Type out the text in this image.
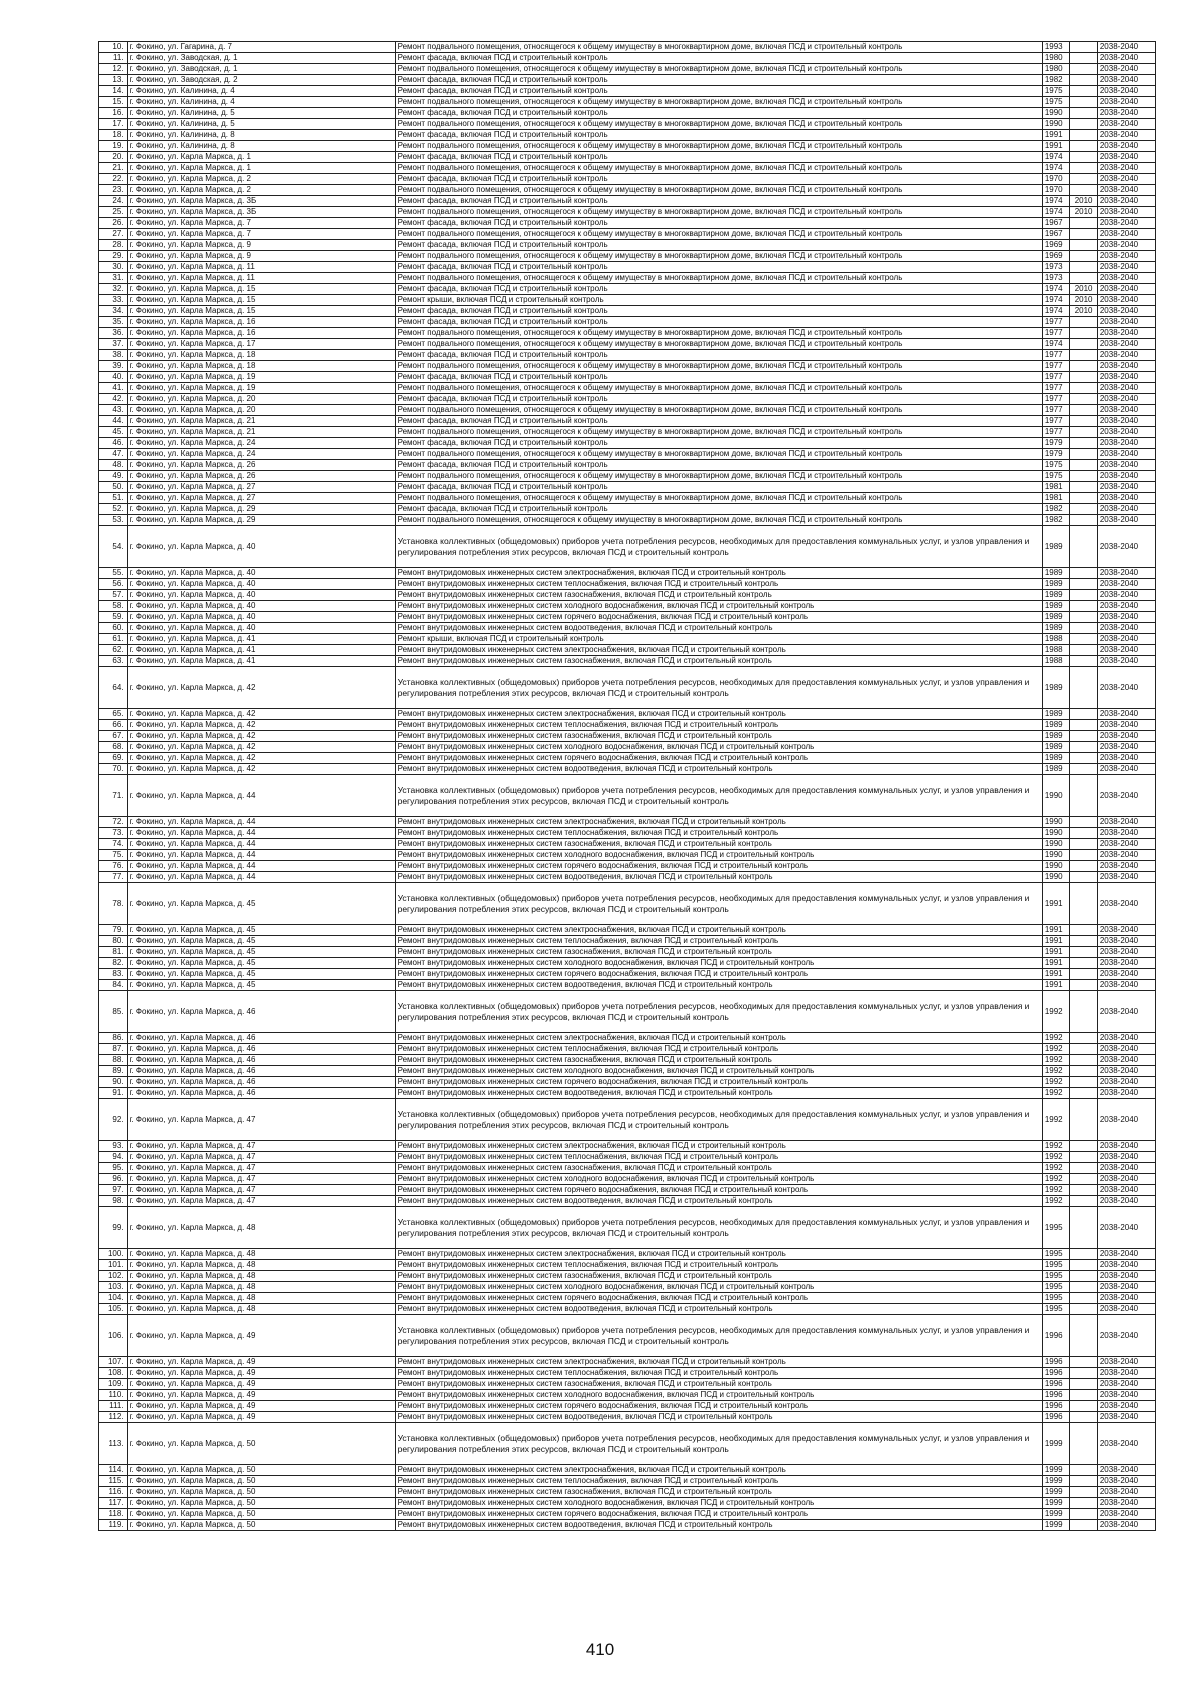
10.	г. Фокино, ул. Гагарина, д. 7	Ремонт подвального помещения, относящегося к общему имуществу в многоквартирном доме, включая ПСД и строительный контроль	1993		2038-2040
11.	г. Фокино, ул. Заводская, д. 1	Ремонт фасада, включая ПСД и строительный контроль	1980		2038-2040
12.	г. Фокино, ул. Заводская, д. 1	Ремонт подвального помещения, относящегося к общему имуществу в многоквартирном доме, включая ПСД и строительный контроль	1980		2038-2040
13.	г. Фокино, ул. Заводская, д. 2	Ремонт фасада, включая ПСД и строительный контроль	1982		2038-2040
14.	г. Фокино, ул. Калинина, д. 4	Ремонт фасада, включая ПСД и строительный контроль	1975		2038-2040
15.	г. Фокино, ул. Калинина, д. 4	Ремонт подвального помещения, относящегося к общему имуществу в многоквартирном доме, включая ПСД и строительный контроль	1975		2038-2040
16.	г. Фокино, ул. Калинина, д. 5	Ремонт фасада, включая ПСД и строительный контроль	1990		2038-2040
17.	г. Фокино, ул. Калинина, д. 5	Ремонт подвального помещения, относящегося к общему имуществу в многоквартирном доме, включая ПСД и строительный контроль	1990		2038-2040
18.	г. Фокино, ул. Калинина, д. 8	Ремонт фасада, включая ПСД и строительный контроль	1991		2038-2040
19.	г. Фокино, ул. Калинина, д. 8	Ремонт подвального помещения, относящегося к общему имуществу в многоквартирном доме, включая ПСД и строительный контроль	1991		2038-2040
20.	г. Фокино, ул. Карла Маркса, д. 1	Ремонт фасада, включая ПСД и строительный контроль	1974		2038-2040
21.	г. Фокино, ул. Карла Маркса, д. 1	Ремонт подвального помещения, относящегося к общему имуществу в многоквартирном доме, включая ПСД и строительный контроль	1974		2038-2040
22.	г. Фокино, ул. Карла Маркса, д. 2	Ремонт фасада, включая ПСД и строительный контроль	1970		2038-2040
23.	г. Фокино, ул. Карла Маркса, д. 2	Ремонт подвального помещения, относящегося к общему имуществу в многоквартирном доме, включая ПСД и строительный контроль	1970		2038-2040
24.	г. Фокино, ул. Карла Маркса, д. 3Б	Ремонт фасада, включая ПСД и строительный контроль	1974	2010	2038-2040
25.	г. Фокино, ул. Карла Маркса, д. 3Б	Ремонт подвального помещения, относящегося к общему имуществу в многоквартирном доме, включая ПСД и строительный контроль	1974	2010	2038-2040
26.	г. Фокино, ул. Карла Маркса, д. 7	Ремонт фасада, включая ПСД и строительный контроль	1967		2038-2040
27.	г. Фокино, ул. Карла Маркса, д. 7	Ремонт подвального помещения, относящегося к общему имуществу в многоквартирном доме, включая ПСД и строительный контроль	1967		2038-2040
28.	г. Фокино, ул. Карла Маркса, д. 9	Ремонт фасада, включая ПСД и строительный контроль	1969		2038-2040
29.	г. Фокино, ул. Карла Маркса, д. 9	Ремонт подвального помещения, относящегося к общему имуществу в многоквартирном доме, включая ПСД и строительный контроль	1969		2038-2040
30.	г. Фокино, ул. Карла Маркса, д. 11	Ремонт фасада, включая ПСД и строительный контроль	1973		2038-2040
31.	г. Фокино, ул. Карла Маркса, д. 11	Ремонт подвального помещения, относящегося к общему имуществу в многоквартирном доме, включая ПСД и строительный контроль	1973		2038-2040
32.	г. Фокино, ул. Карла Маркса, д. 15	Ремонт фасада, включая ПСД и строительный контроль	1974	2010	2038-2040
33.	г. Фокино, ул. Карла Маркса, д. 15	Ремонт крыши, включая ПСД и строительный контроль	1974	2010	2038-2040
34.	г. Фокино, ул. Карла Маркса, д. 15	Ремонт фасада, включая ПСД и строительный контроль	1974	2010	2038-2040
35.	г. Фокино, ул. Карла Маркса, д. 16	Ремонт фасада, включая ПСД и строительный контроль	1977		2038-2040
36.	г. Фокино, ул. Карла Маркса, д. 16	Ремонт подвального помещения, относящегося к общему имуществу в многоквартирном доме, включая ПСД и строительный контроль	1977		2038-2040
37.	г. Фокино, ул. Карла Маркса, д. 17	Ремонт подвального помещения, относящегося к общему имуществу в многоквартирном доме, включая ПСД и строительный контроль	1974		2038-2040
38.	г. Фокино, ул. Карла Маркса, д. 18	Ремонт фасада, включая ПСД и строительный контроль	1977		2038-2040
39.	г. Фокино, ул. Карла Маркса, д. 18	Ремонт подвального помещения, относящегося к общему имуществу в многоквартирном доме, включая ПСД и строительный контроль	1977		2038-2040
40.	г. Фокино, ул. Карла Маркса, д. 19	Ремонт фасада, включая ПСД и строительный контроль	1977		2038-2040
41.	г. Фокино, ул. Карла Маркса, д. 19	Ремонт подвального помещения, относящегося к общему имуществу в многоквартирном доме, включая ПСД и строительный контроль	1977		2038-2040
42.	г. Фокино, ул. Карла Маркса, д. 20	Ремонт фасада, включая ПСД и строительный контроль	1977		2038-2040
43.	г. Фокино, ул. Карла Маркса, д. 20	Ремонт подвального помещения, относящегося к общему имуществу в многоквартирном доме, включая ПСД и строительный контроль	1977		2038-2040
44.	г. Фокино, ул. Карла Маркса, д. 21	Ремонт фасада, включая ПСД и строительный контроль	1977		2038-2040
45.	г. Фокино, ул. Карла Маркса, д. 21	Ремонт подвального помещения, относящегося к общему имуществу в многоквартирном доме, включая ПСД и строительный контроль	1977		2038-2040
46.	г. Фокино, ул. Карла Маркса, д. 24	Ремонт фасада, включая ПСД и строительный контроль	1979		2038-2040
47.	г. Фокино, ул. Карла Маркса, д. 24	Ремонт подвального помещения, относящегося к общему имуществу в многоквартирном доме, включая ПСД и строительный контроль	1979		2038-2040
48.	г. Фокино, ул. Карла Маркса, д. 26	Ремонт фасада, включая ПСД и строительный контроль	1975		2038-2040
49.	г. Фокино, ул. Карла Маркса, д. 26	Ремонт подвального помещения, относящегося к общему имуществу в многоквартирном доме, включая ПСД и строительный контроль	1975		2038-2040
50.	г. Фокино, ул. Карла Маркса, д. 27	Ремонт фасада, включая ПСД и строительный контроль	1981		2038-2040
51.	г. Фокино, ул. Карла Маркса, д. 27	Ремонт подвального помещения, относящегося к общему имуществу в многоквартирном доме, включая ПСД и строительный контроль	1981		2038-2040
52.	г. Фокино, ул. Карла Маркса, д. 29	Ремонт фасада, включая ПСД и строительный контроль	1982		2038-2040
53.	г. Фокино, ул. Карла Маркса, д. 29	Ремонт подвального помещения, относящегося к общему имуществу в многоквартирном доме, включая ПСД и строительный контроль	1982		2038-2040
54.	г. Фокино, ул. Карла Маркса, д. 40	Установка коллективных (общедомовых) приборов учета потребления ресурсов, необходимых для предоставления коммунальных услуг, и узлов управления и регулирования потребления этих ресурсов, включая ПСД и строительный контроль	1989		2038-2040
55.	г. Фокино, ул. Карла Маркса, д. 40	Ремонт внутридомовых инженерных систем электроснабжения, включая ПСД и строительный контроль	1989		2038-2040
56.	г. Фокино, ул. Карла Маркса, д. 40	Ремонт внутридомовых инженерных систем теплоснабжения, включая ПСД и строительный контроль	1989		2038-2040
57.	г. Фокино, ул. Карла Маркса, д. 40	Ремонт внутридомовых инженерных систем газоснабжения, включая ПСД и строительный контроль	1989		2038-2040
58.	г. Фокино, ул. Карла Маркса, д. 40	Ремонт внутридомовых инженерных систем холодного водоснабжения, включая ПСД и строительный контроль	1989		2038-2040
59.	г. Фокино, ул. Карла Маркса, д. 40	Ремонт внутридомовых инженерных систем горячего водоснабжения, включая ПСД и строительный контроль	1989		2038-2040
60.	г. Фокино, ул. Карла Маркса, д. 40	Ремонт внутридомовых инженерных систем водоотведения, включая ПСД и строительный контроль	1989		2038-2040
61.	г. Фокино, ул. Карла Маркса, д. 41	Ремонт крыши, включая ПСД и строительный контроль	1988		2038-2040
62.	г. Фокино, ул. Карла Маркса, д. 41	Ремонт внутридомовых инженерных систем электроснабжения, включая ПСД и строительный контроль	1988		2038-2040
63.	г. Фокино, ул. Карла Маркса, д. 41	Ремонт внутридомовых инженерных систем газоснабжения, включая ПСД и строительный контроль	1988		2038-2040
64.	г. Фокино, ул. Карла Маркса, д. 42	Установка коллективных (общедомовых) приборов учета потребления ресурсов, необходимых для предоставления коммунальных услуг, и узлов управления и регулирования потребления этих ресурсов, включая ПСД и строительный контроль	1989		2038-2040
65.	г. Фокино, ул. Карла Маркса, д. 42	Ремонт внутридомовых инженерных систем электроснабжения, включая ПСД и строительный контроль	1989		2038-2040
66.	г. Фокино, ул. Карла Маркса, д. 42	Ремонт внутридомовых инженерных систем теплоснабжения, включая ПСД и строительный контроль	1989		2038-2040
67.	г. Фокино, ул. Карла Маркса, д. 42	Ремонт внутридомовых инженерных систем газоснабжения, включая ПСД и строительный контроль	1989		2038-2040
68.	г. Фокино, ул. Карла Маркса, д. 42	Ремонт внутридомовых инженерных систем холодного водоснабжения, включая ПСД и строительный контроль	1989		2038-2040
69.	г. Фокино, ул. Карла Маркса, д. 42	Ремонт внутридомовых инженерных систем горячего водоснабжения, включая ПСД и строительный контроль	1989		2038-2040
70.	г. Фокино, ул. Карла Маркса, д. 42	Ремонт внутридомовых инженерных систем водоотведения, включая ПСД и строительный контроль	1989		2038-2040
71.	г. Фокино, ул. Карла Маркса, д. 44	Установка коллективных (общедомовых) приборов учета потребления ресурсов, необходимых для предоставления коммунальных услуг, и узлов управления и регулирования потребления этих ресурсов, включая ПСД и строительный контроль	1990		2038-2040
72.	г. Фокино, ул. Карла Маркса, д. 44	Ремонт внутридомовых инженерных систем электроснабжения, включая ПСД и строительный контроль	1990		2038-2040
73.	г. Фокино, ул. Карла Маркса, д. 44	Ремонт внутридомовых инженерных систем теплоснабжения, включая ПСД и строительный контроль	1990		2038-2040
74.	г. Фокино, ул. Карла Маркса, д. 44	Ремонт внутридомовых инженерных систем газоснабжения, включая ПСД и строительный контроль	1990		2038-2040
75.	г. Фокино, ул. Карла Маркса, д. 44	Ремонт внутридомовых инженерных систем холодного водоснабжения, включая ПСД и строительный контроль	1990		2038-2040
76.	г. Фокино, ул. Карла Маркса, д. 44	Ремонт внутридомовых инженерных систем горячего водоснабжения, включая ПСД и строительный контроль	1990		2038-2040
77.	г. Фокино, ул. Карла Маркса, д. 44	Ремонт внутридомовых инженерных систем водоотведения, включая ПСД и строительный контроль	1990		2038-2040
78.	г. Фокино, ул. Карла Маркса, д. 45	Установка коллективных (общедомовых) приборов учета потребления ресурсов, необходимых для предоставления коммунальных услуг, и узлов управления и регулирования потребления этих ресурсов, включая ПСД и строительный контроль	1991		2038-2040
79.	г. Фокино, ул. Карла Маркса, д. 45	Ремонт внутридомовых инженерных систем электроснабжения, включая ПСД и строительный контроль	1991		2038-2040
80.	г. Фокино, ул. Карла Маркса, д. 45	Ремонт внутридомовых инженерных систем теплоснабжения, включая ПСД и строительный контроль	1991		2038-2040
81.	г. Фокино, ул. Карла Маркса, д. 45	Ремонт внутридомовых инженерных систем газоснабжения, включая ПСД и строительный контроль	1991		2038-2040
82.	г. Фокино, ул. Карла Маркса, д. 45	Ремонт внутридомовых инженерных систем холодного водоснабжения, включая ПСД и строительный контроль	1991		2038-2040
83.	г. Фокино, ул. Карла Маркса, д. 45	Ремонт внутридомовых инженерных систем горячего водоснабжения, включая ПСД и строительный контроль	1991		2038-2040
84.	г. Фокино, ул. Карла Маркса, д. 45	Ремонт внутридомовых инженерных систем водоотведения, включая ПСД и строительный контроль	1991		2038-2040
85.	г. Фокино, ул. Карла Маркса, д. 46	Установка коллективных (общедомовых) приборов учета потребления ресурсов, необходимых для предоставления коммунальных услуг, и узлов управления и регулирования потребления этих ресурсов, включая ПСД и строительный контроль	1992		2038-2040
86.	г. Фокино, ул. Карла Маркса, д. 46	Ремонт внутридомовых инженерных систем электроснабжения, включая ПСД и строительный контроль	1992		2038-2040
87.	г. Фокино, ул. Карла Маркса, д. 46	Ремонт внутридомовых инженерных систем теплоснабжения, включая ПСД и строительный контроль	1992		2038-2040
88.	г. Фокино, ул. Карла Маркса, д. 46	Ремонт внутридомовых инженерных систем газоснабжения, включая ПСД и строительный контроль	1992		2038-2040
89.	г. Фокино, ул. Карла Маркса, д. 46	Ремонт внутридомовых инженерных систем холодного водоснабжения, включая ПСД и строительный контроль	1992		2038-2040
90.	г. Фокино, ул. Карла Маркса, д. 46	Ремонт внутридомовых инженерных систем горячего водоснабжения, включая ПСД и строительный контроль	1992		2038-2040
91.	г. Фокино, ул. Карла Маркса, д. 46	Ремонт внутридомовых инженерных систем водоотведения, включая ПСД и строительный контроль	1992		2038-2040
92.	г. Фокино, ул. Карла Маркса, д. 47	Установка коллективных (общедомовых) приборов учета потребления ресурсов, необходимых для предоставления коммунальных услуг, и узлов управления и регулирования потребления этих ресурсов, включая ПСД и строительный контроль	1992		2038-2040
93.	г. Фокино, ул. Карла Маркса, д. 47	Ремонт внутридомовых инженерных систем электроснабжения, включая ПСД и строительный контроль	1992		2038-2040
94.	г. Фокино, ул. Карла Маркса, д. 47	Ремонт внутридомовых инженерных систем теплоснабжения, включая ПСД и строительный контроль	1992		2038-2040
95.	г. Фокино, ул. Карла Маркса, д. 47	Ремонт внутридомовых инженерных систем газоснабжения, включая ПСД и строительный контроль	1992		2038-2040
96.	г. Фокино, ул. Карла Маркса, д. 47	Ремонт внутридомовых инженерных систем холодного водоснабжения, включая ПСД и строительный контроль	1992		2038-2040
97.	г. Фокино, ул. Карла Маркса, д. 47	Ремонт внутридомовых инженерных систем горячего водоснабжения, включая ПСД и строительный контроль	1992		2038-2040
98.	г. Фокино, ул. Карла Маркса, д. 47	Ремонт внутридомовых инженерных систем водоотведения, включая ПСД и строительный контроль	1992		2038-2040
99.	г. Фокино, ул. Карла Маркса, д. 48	Установка коллективных (общедомовых) приборов учета потребления ресурсов, необходимых для предоставления коммунальных услуг, и узлов управления и регулирования потребления этих ресурсов, включая ПСД и строительный контроль	1995		2038-2040
100.	г. Фокино, ул. Карла Маркса, д. 48	Ремонт внутридомовых инженерных систем электроснабжения, включая ПСД и строительный контроль	1995		2038-2040
101.	г. Фокино, ул. Карла Маркса, д. 48	Ремонт внутридомовых инженерных систем теплоснабжения, включая ПСД и строительный контроль	1995		2038-2040
102.	г. Фокино, ул. Карла Маркса, д. 48	Ремонт внутридомовых инженерных систем газоснабжения, включая ПСД и строительный контроль	1995		2038-2040
103.	г. Фокино, ул. Карла Маркса, д. 48	Ремонт внутридомовых инженерных систем холодного водоснабжения, включая ПСД и строительный контроль	1995		2038-2040
104.	г. Фокино, ул. Карла Маркса, д. 48	Ремонт внутридомовых инженерных систем горячего водоснабжения, включая ПСД и строительный контроль	1995		2038-2040
105.	г. Фокино, ул. Карла Маркса, д. 48	Ремонт внутридомовых инженерных систем водоотведения, включая ПСД и строительный контроль	1995		2038-2040
106.	г. Фокино, ул. Карла Маркса, д. 49	Установка коллективных (общедомовых) приборов учета потребления ресурсов, необходимых для предоставления коммунальных услуг, и узлов управления и регулирования потребления этих ресурсов, включая ПСД и строительный контроль	1996		2038-2040
107.	г. Фокино, ул. Карла Маркса, д. 49	Ремонт внутридомовых инженерных систем электроснабжения, включая ПСД и строительный контроль	1996		2038-2040
108.	г. Фокино, ул. Карла Маркса, д. 49	Ремонт внутридомовых инженерных систем теплоснабжения, включая ПСД и строительный контроль	1996		2038-2040
109.	г. Фокино, ул. Карла Маркса, д. 49	Ремонт внутридомовых инженерных систем газоснабжения, включая ПСД и строительный контроль	1996		2038-2040
110.	г. Фокино, ул. Карла Маркса, д. 49	Ремонт внутридомовых инженерных систем холодного водоснабжения, включая ПСД и строительный контроль	1996		2038-2040
111.	г. Фокино, ул. Карла Маркса, д. 49	Ремонт внутридомовых инженерных систем горячего водоснабжения, включая ПСД и строительный контроль	1996		2038-2040
112.	г. Фокино, ул. Карла Маркса, д. 49	Ремонт внутридомовых инженерных систем водоотведения, включая ПСД и строительный контроль	1996		2038-2040
113.	г. Фокино, ул. Карла Маркса, д. 50	Установка коллективных (общедомовых) приборов учета потребления ресурсов, необходимых для предоставления коммунальных услуг, и узлов управления и регулирования потребления этих ресурсов, включая ПСД и строительный контроль	1999		2038-2040
114.	г. Фокино, ул. Карла Маркса, д. 50	Ремонт внутридомовых инженерных систем электроснабжения, включая ПСД и строительный контроль	1999		2038-2040
115.	г. Фокино, ул. Карла Маркса, д. 50	Ремонт внутридомовых инженерных систем теплоснабжения, включая ПСД и строительный контроль	1999		2038-2040
116.	г. Фокино, ул. Карла Маркса, д. 50	Ремонт внутридомовых инженерных систем газоснабжения, включая ПСД и строительный контроль	1999		2038-2040
117.	г. Фокино, ул. Карла Маркса, д. 50	Ремонт внутридомовых инженерных систем холодного водоснабжения, включая ПСД и строительный контроль	1999		2038-2040
118.	г. Фокино, ул. Карла Маркса, д. 50	Ремонт внутридомовых инженерных систем горячего водоснабжения, включая ПСД и строительный контроль	1999		2038-2040
119.	г. Фокино, ул. Карла Маркса, д. 50	Ремонт внутридомовых инженерных систем водоотведения, включая ПСД и строительный контроль	1999		2038-2040
410
